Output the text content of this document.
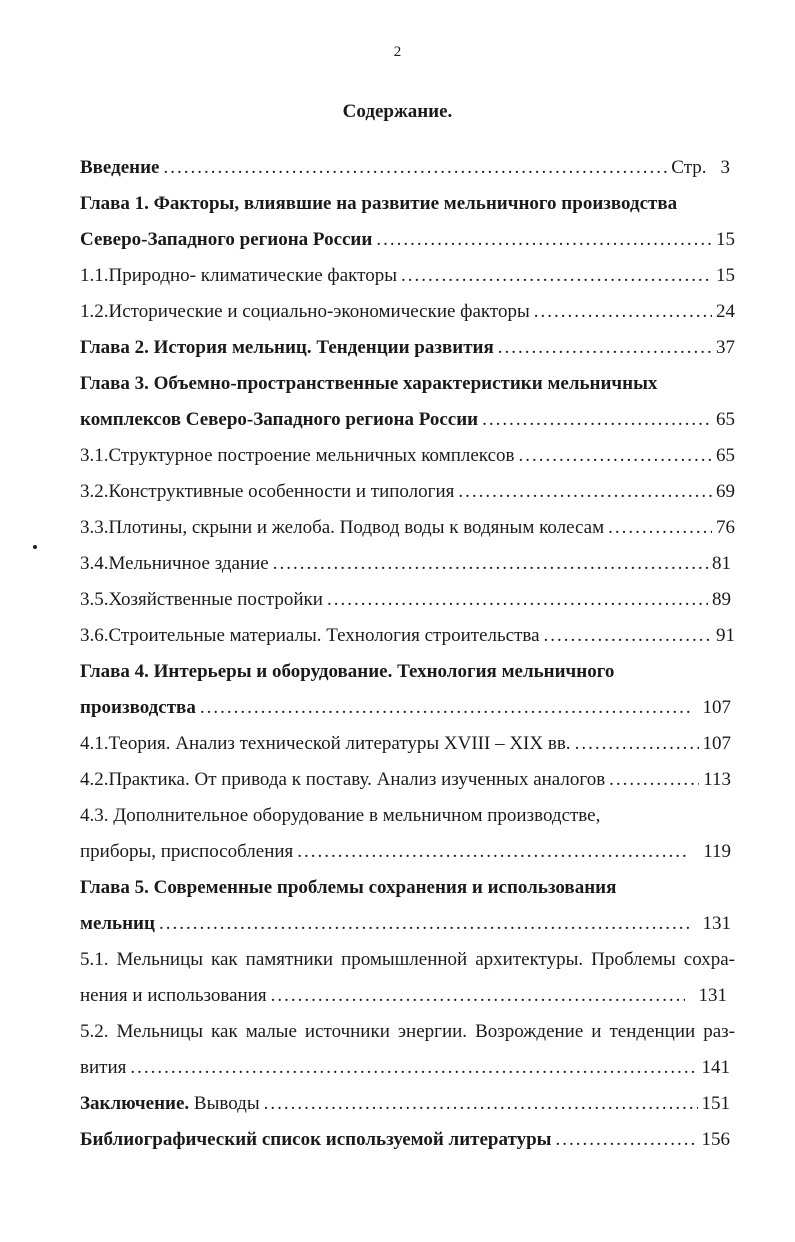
2
Содержание.
Введение .....	Стр. 3
Глава 1. Факторы, влиявшие на развитие мельничного производства
Северо-Западного региона России .....	15
1.1. Природно- климатические факторы .....	15
1.2. Исторические и социально-экономические факторы .....	24
Глава 2. История мельниц. Тенденции развития .....	37
Глава 3. Объемно-пространственные характеристики мельничных
комплексов Северо-Западного региона России .....	65
3.1. Структурное построение мельничных комплексов .....	65
3.2. Конструктивные особенности и типология .....	69
3.3. Плотины, скрыни и желоба. Подвод воды к водяным колесам .....	76
3.4. Мельничное здание .....	81
3.5. Хозяйственные постройки .....	89
3.6. Строительные материалы. Технология строительства .....	91
Глава 4. Интерьеры и оборудование. Технология мельничного
производства .....	107
4.1. Теория. Анализ технической литературы XVIII – XIX вв. .....	107
4.2. Практика. От привода к поставу. Анализ изученных аналогов .....	113
4.3. Дополнительное оборудование в мельничном производстве,
приборы, приспособления .....	119
Глава 5. Современные проблемы сохранения и использования
мельниц .....	131
5.1. Мельницы как памятники промышленной архитектуры. Проблемы сохра-
нения и использования .....	131
5.2. Мельницы как малые источники энергии. Возрождение и тенденции раз-
вития .....	141
Заключение. Выводы .....	151
Библиографический список используемой литературы .....	156
